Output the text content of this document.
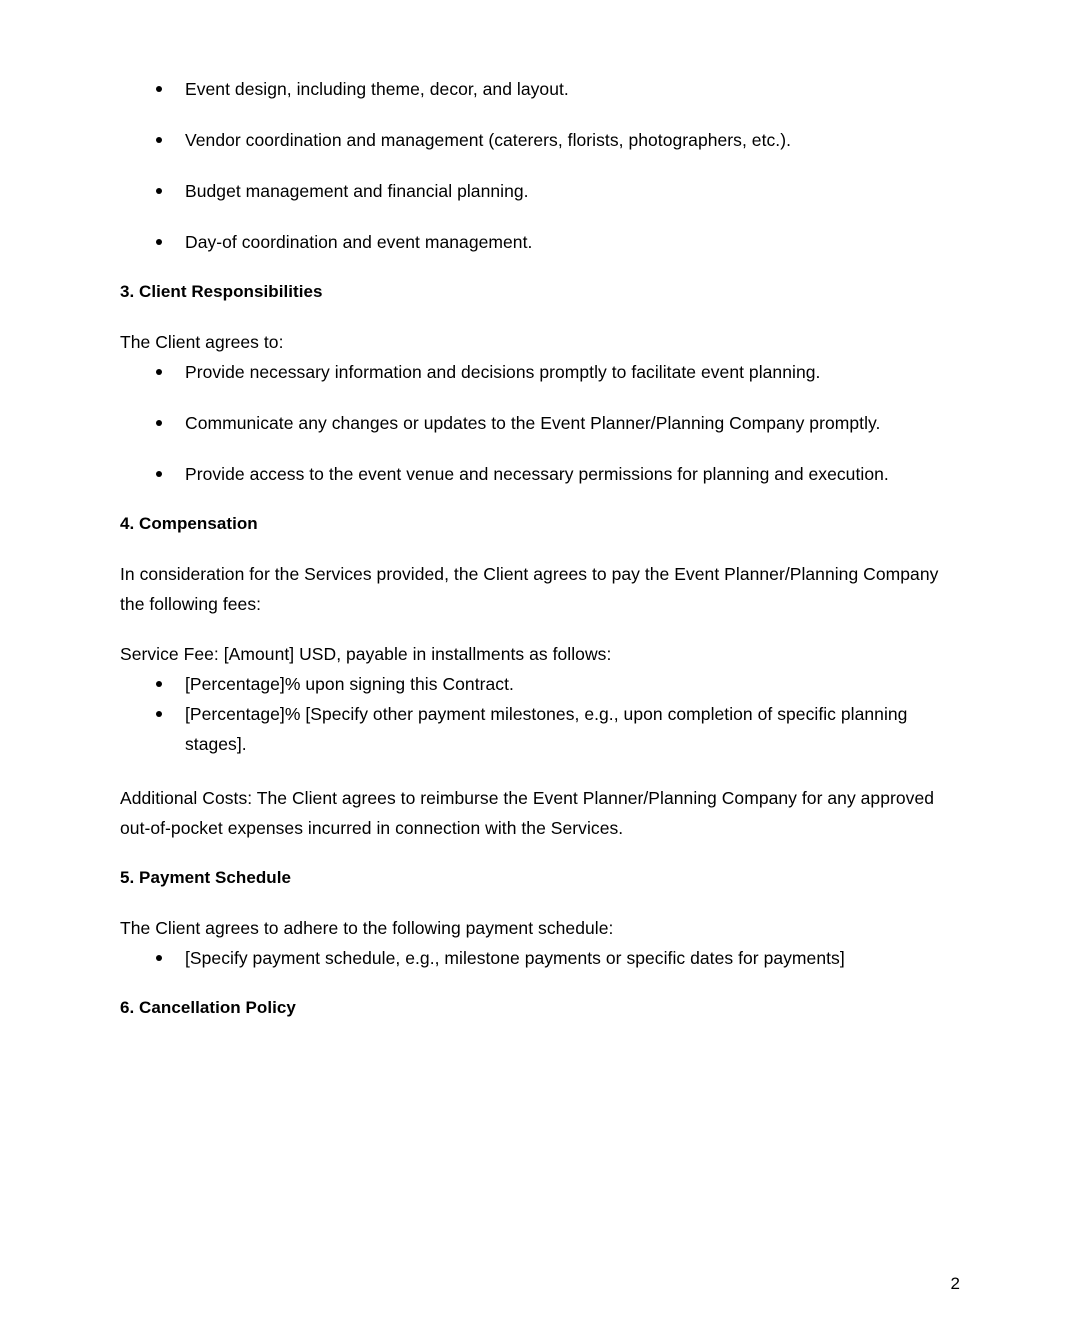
Event design, including theme, decor, and layout.
Vendor coordination and management (caterers, florists, photographers, etc.).
Budget management and financial planning.
Day-of coordination and event management.
3. Client Responsibilities
The Client agrees to:
Provide necessary information and decisions promptly to facilitate event planning.
Communicate any changes or updates to the Event Planner/Planning Company promptly.
Provide access to the event venue and necessary permissions for planning and execution.
4. Compensation
In consideration for the Services provided, the Client agrees to pay the Event Planner/Planning Company the following fees:
Service Fee: [Amount] USD, payable in installments as follows:
[Percentage]% upon signing this Contract.
[Percentage]% [Specify other payment milestones, e.g., upon completion of specific planning stages].
Additional Costs: The Client agrees to reimburse the Event Planner/Planning Company for any approved out-of-pocket expenses incurred in connection with the Services.
5. Payment Schedule
The Client agrees to adhere to the following payment schedule:
[Specify payment schedule, e.g., milestone payments or specific dates for payments]
6. Cancellation Policy
2
